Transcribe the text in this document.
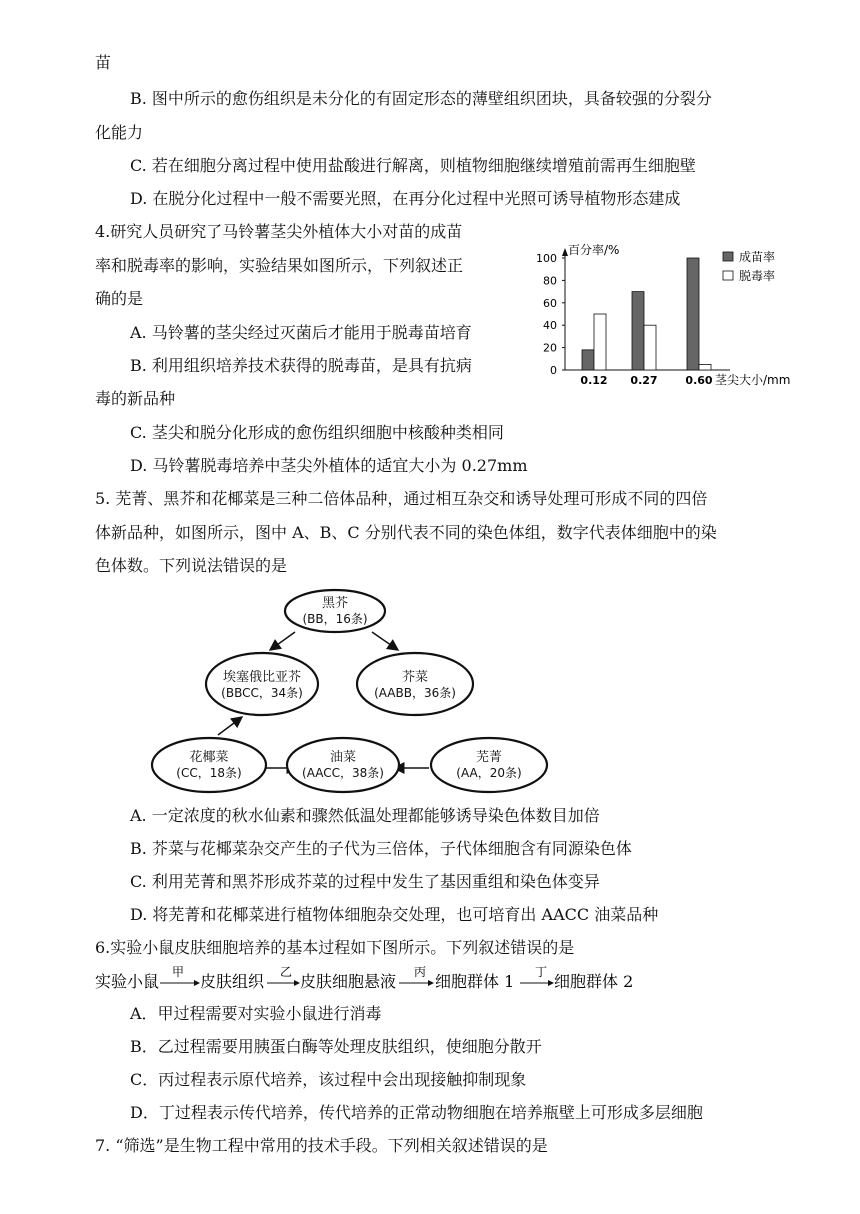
苗
B. 图中所示的愈伤组织是未分化的有固定形态的薄壁组织团块，具备较强的分裂分
化能力
C. 若在细胞分离过程中使用盐酸进行解离，则植物细胞继续增殖前需再生细胞壁
D. 在脱分化过程中一般不需要光照，在再分化过程中光照可诱导植物形态建成
4.研究人员研究了马铃薯茎尖外植体大小对苗的成苗
率和脱毒率的影响，实验结果如图所示，下列叙述正
确的是
A. 马铃薯的茎尖经过灭菌后才能用于脱毒苗培育
B. 利用组织培养技术获得的脱毒苗，是具有抗病
毒的新品种
C. 茎尖和脱分化形成的愈伤组织细胞中核酸种类相同
D. 马铃薯脱毒培养中茎尖外植体的适宜大小为 0.27mm
5. 芜菁、黑芥和花椰菜是三种二倍体品种，通过相互杂交和诱导处理可形成不同的四倍
体新品种，如图所示，图中 A、B、C 分别代表不同的染色体组，数字代表体细胞中的染
色体数。下列说法错误的是
A. 一定浓度的秋水仙素和骤然低温处理都能够诱导染色体数目加倍
B. 芥菜与花椰菜杂交产生的子代为三倍体，子代体细胞含有同源染色体
C. 利用芜菁和黑芥形成芥菜的过程中发生了基因重组和染色体变异
D. 将芜菁和花椰菜进行植物体细胞杂交处理，也可培育出 AACC 油菜品种
6.实验小鼠皮肤细胞培养的基本过程如下图所示。下列叙述错误的是
实验小鼠 甲 皮肤组织 乙 皮肤细胞悬液 丙 细胞群体 1 丁 细胞群体 2
A．甲过程需要对实验小鼠进行消毒
B．乙过程需要用胰蛋白酶等处理皮肤组织，使细胞分散开
C．丙过程表示原代培养，该过程中会出现接触抑制现象
D．丁过程表示传代培养，传代培养的正常动物细胞在培养瓶壁上可形成多层细胞
7. “筛选”是生物工程中常用的技术手段。下列相关叙述错误的是
百分率/%
0
20
40
60
80
100
0.12 0.27	0.60 茎尖大小/mm
成苗率
脱毒率
黑芥
(BB，16条)
埃塞俄比亚芥
(BBCC，34条)
芥菜
(AABB，36条)
花椰菜
(CC，18条)
油菜
(AACC，38条)
芜菁
(AA，20条)
